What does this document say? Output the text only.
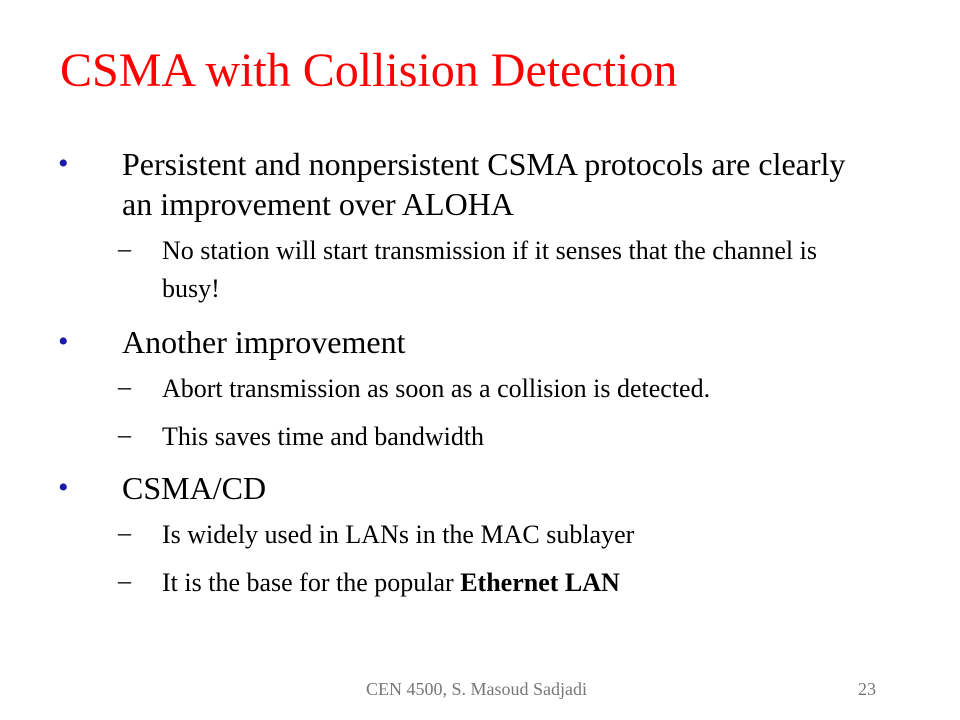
CSMA with Collision Detection
• Persistent and nonpersistent CSMA protocols are clearly an improvement over ALOHA
– No station will start transmission if it senses that the channel is busy!
• Another improvement
– Abort transmission as soon as a collision is detected.
– This saves time and bandwidth
• CSMA/CD
– Is widely used in LANs in the MAC sublayer
– It is the base for the popular Ethernet LAN
CEN 4500, S. Masoud Sadjadi	23
